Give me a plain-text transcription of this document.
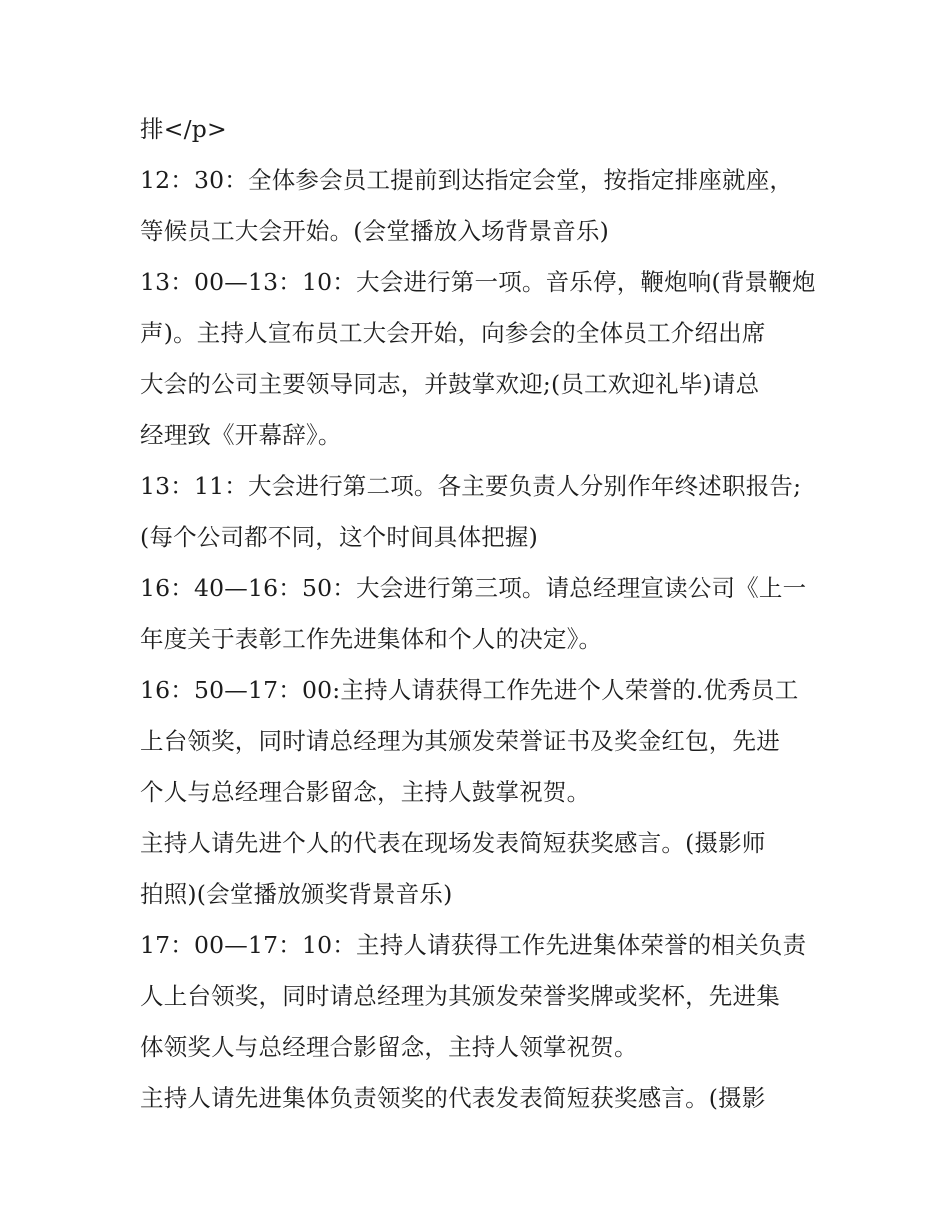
排</p>
12：30：全体参会员工提前到达指定会堂，按指定排座就座，
等候员工大会开始。(会堂播放入场背景音乐)
13：00—13：10：大会进行第一项。音乐停，鞭炮响(背景鞭炮
声)。主持人宣布员工大会开始，向参会的全体员工介绍出席
大会的公司主要领导同志，并鼓掌欢迎;(员工欢迎礼毕)请总
经理致《开幕辞》。
13：11：大会进行第二项。各主要负责人分别作年终述职报告;
(每个公司都不同，这个时间具体把握)
16：40—16：50：大会进行第三项。请总经理宣读公司《上一
年度关于表彰工作先进集体和个人的决定》。
16：50—17：00:主持人请获得工作先进个人荣誉的.优秀员工
上台领奖，同时请总经理为其颁发荣誉证书及奖金红包，先进
个人与总经理合影留念，主持人鼓掌祝贺。
主持人请先进个人的代表在现场发表简短获奖感言。(摄影师
拍照)(会堂播放颁奖背景音乐)
17：00—17：10：主持人请获得工作先进集体荣誉的相关负责
人上台领奖，同时请总经理为其颁发荣誉奖牌或奖杯，先进集
体领奖人与总经理合影留念，主持人领掌祝贺。
主持人请先进集体负责领奖的代表发表简短获奖感言。(摄影
